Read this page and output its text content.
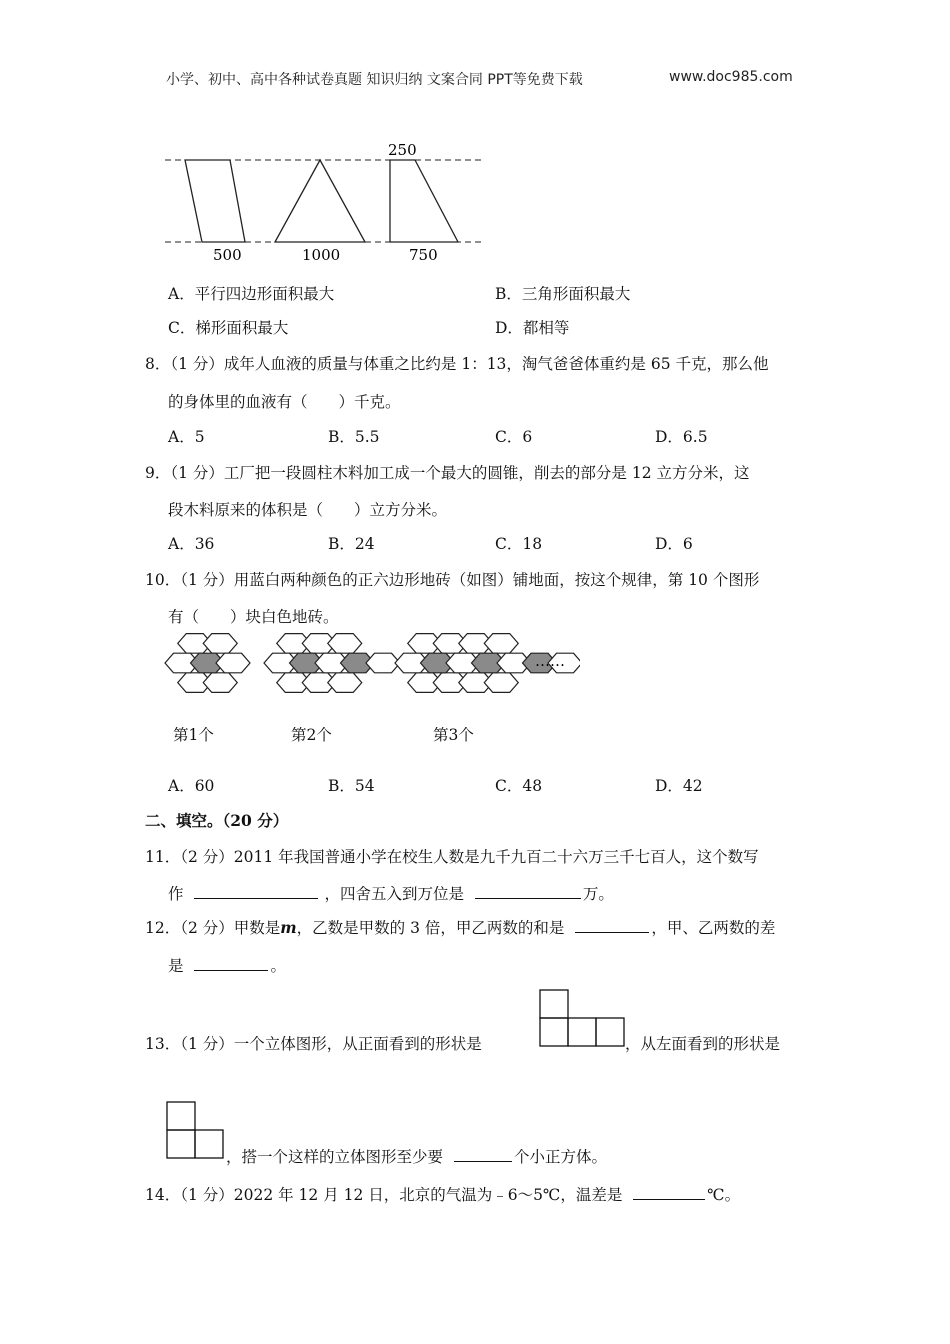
小学、初中、高中各种试卷真题 知识归纳 文案合同 PPT等免费下载	www.doc985.com
250
500	1000	750
A．平行四边形面积最大	B．三角形面积最大
C．梯形面积最大	D．都相等
8．（1 分）成年人血液的质量与体重之比约是 1：13，淘气爸爸体重约是 65 千克，那么他
的身体里的血液有（　　）千克。
A．5	B．5.5	C．6	D．6.5
9．（1 分）工厂把一段圆柱木料加工成一个最大的圆锥，削去的部分是 12 立方分米，这
段木料原来的体积是（　　）立方分米。
A．36	B．24	C．18	D．6
10．（1 分）用蓝白两种颜色的正六边形地砖（如图）铺地面，按这个规律，第 10 个图形
有（　　）块白色地砖。
……
第1个	第2个	第3个
A．60	B．54	C．48	D．42
二、填空。（20 分）
11．（2 分）2011 年我国普通小学在校生人数是九千九百二十六万三千七百人，这个数写
作	，四舍五入到万位是	万。
12．（2 分）甲数是m，乙数是甲数的 3 倍，甲乙两数的和是	，甲、乙两数的差
是	。
13．（1 分）一个立体图形，从正面看到的形状是	，从左面看到的形状是
，搭一个这样的立体图形至少要	个小正方体。
14．（1 分）2022 年 12 月 12 日，北京的气温为﹣6～5℃，温差是	℃。
